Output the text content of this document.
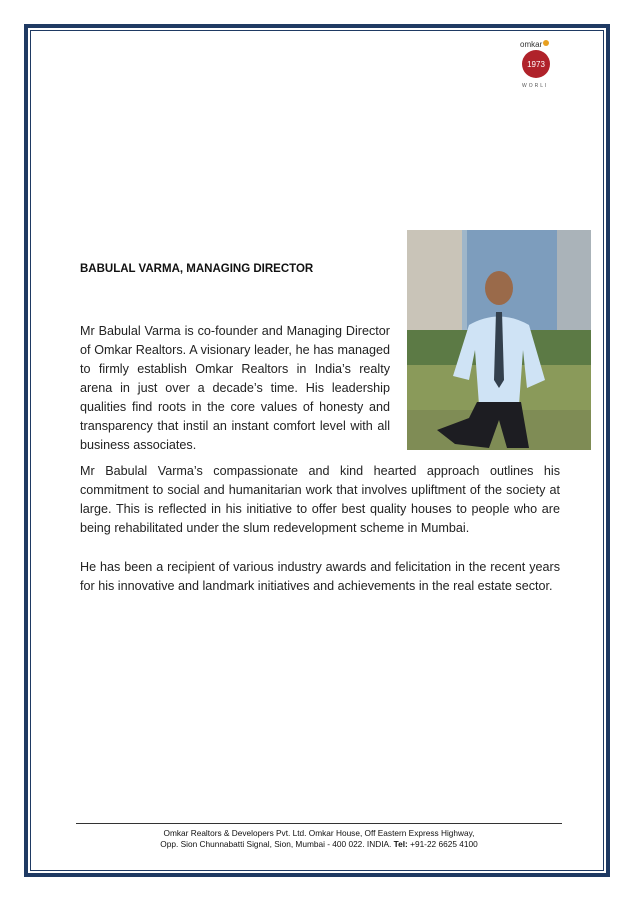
omkar
1973
WORLI
BABULAL VARMA, MANAGING DIRECTOR

Mr Babulal Varma is co-founder and Managing Director of Omkar Realtors. A visionary leader, he has managed to firmly establish Omkar Realtors in India’s realty arena in just over a decade’s time. His leadership qualities find roots in the core values of honesty and transparency that instil an instant comfort level with all business associates.

Mr Babulal Varma’s compassionate and kind hearted approach outlines his commitment to social and humanitarian work that involves upliftment of the society at large. This is reflected in his initiative to offer best quality houses to people who are being rehabilitated under the slum redevelopment scheme in Mumbai.

He has been a recipient of various industry awards and felicitation in the recent years for his innovative and landmark initiatives and achievements in the real estate sector.

Omkar Realtors & Developers Pvt. Ltd. Omkar House, Off Eastern Express Highway,
Opp. Sion Chunnabatti Signal, Sion, Mumbai - 400 022. INDIA. Tel: +91-22 6625 4100
